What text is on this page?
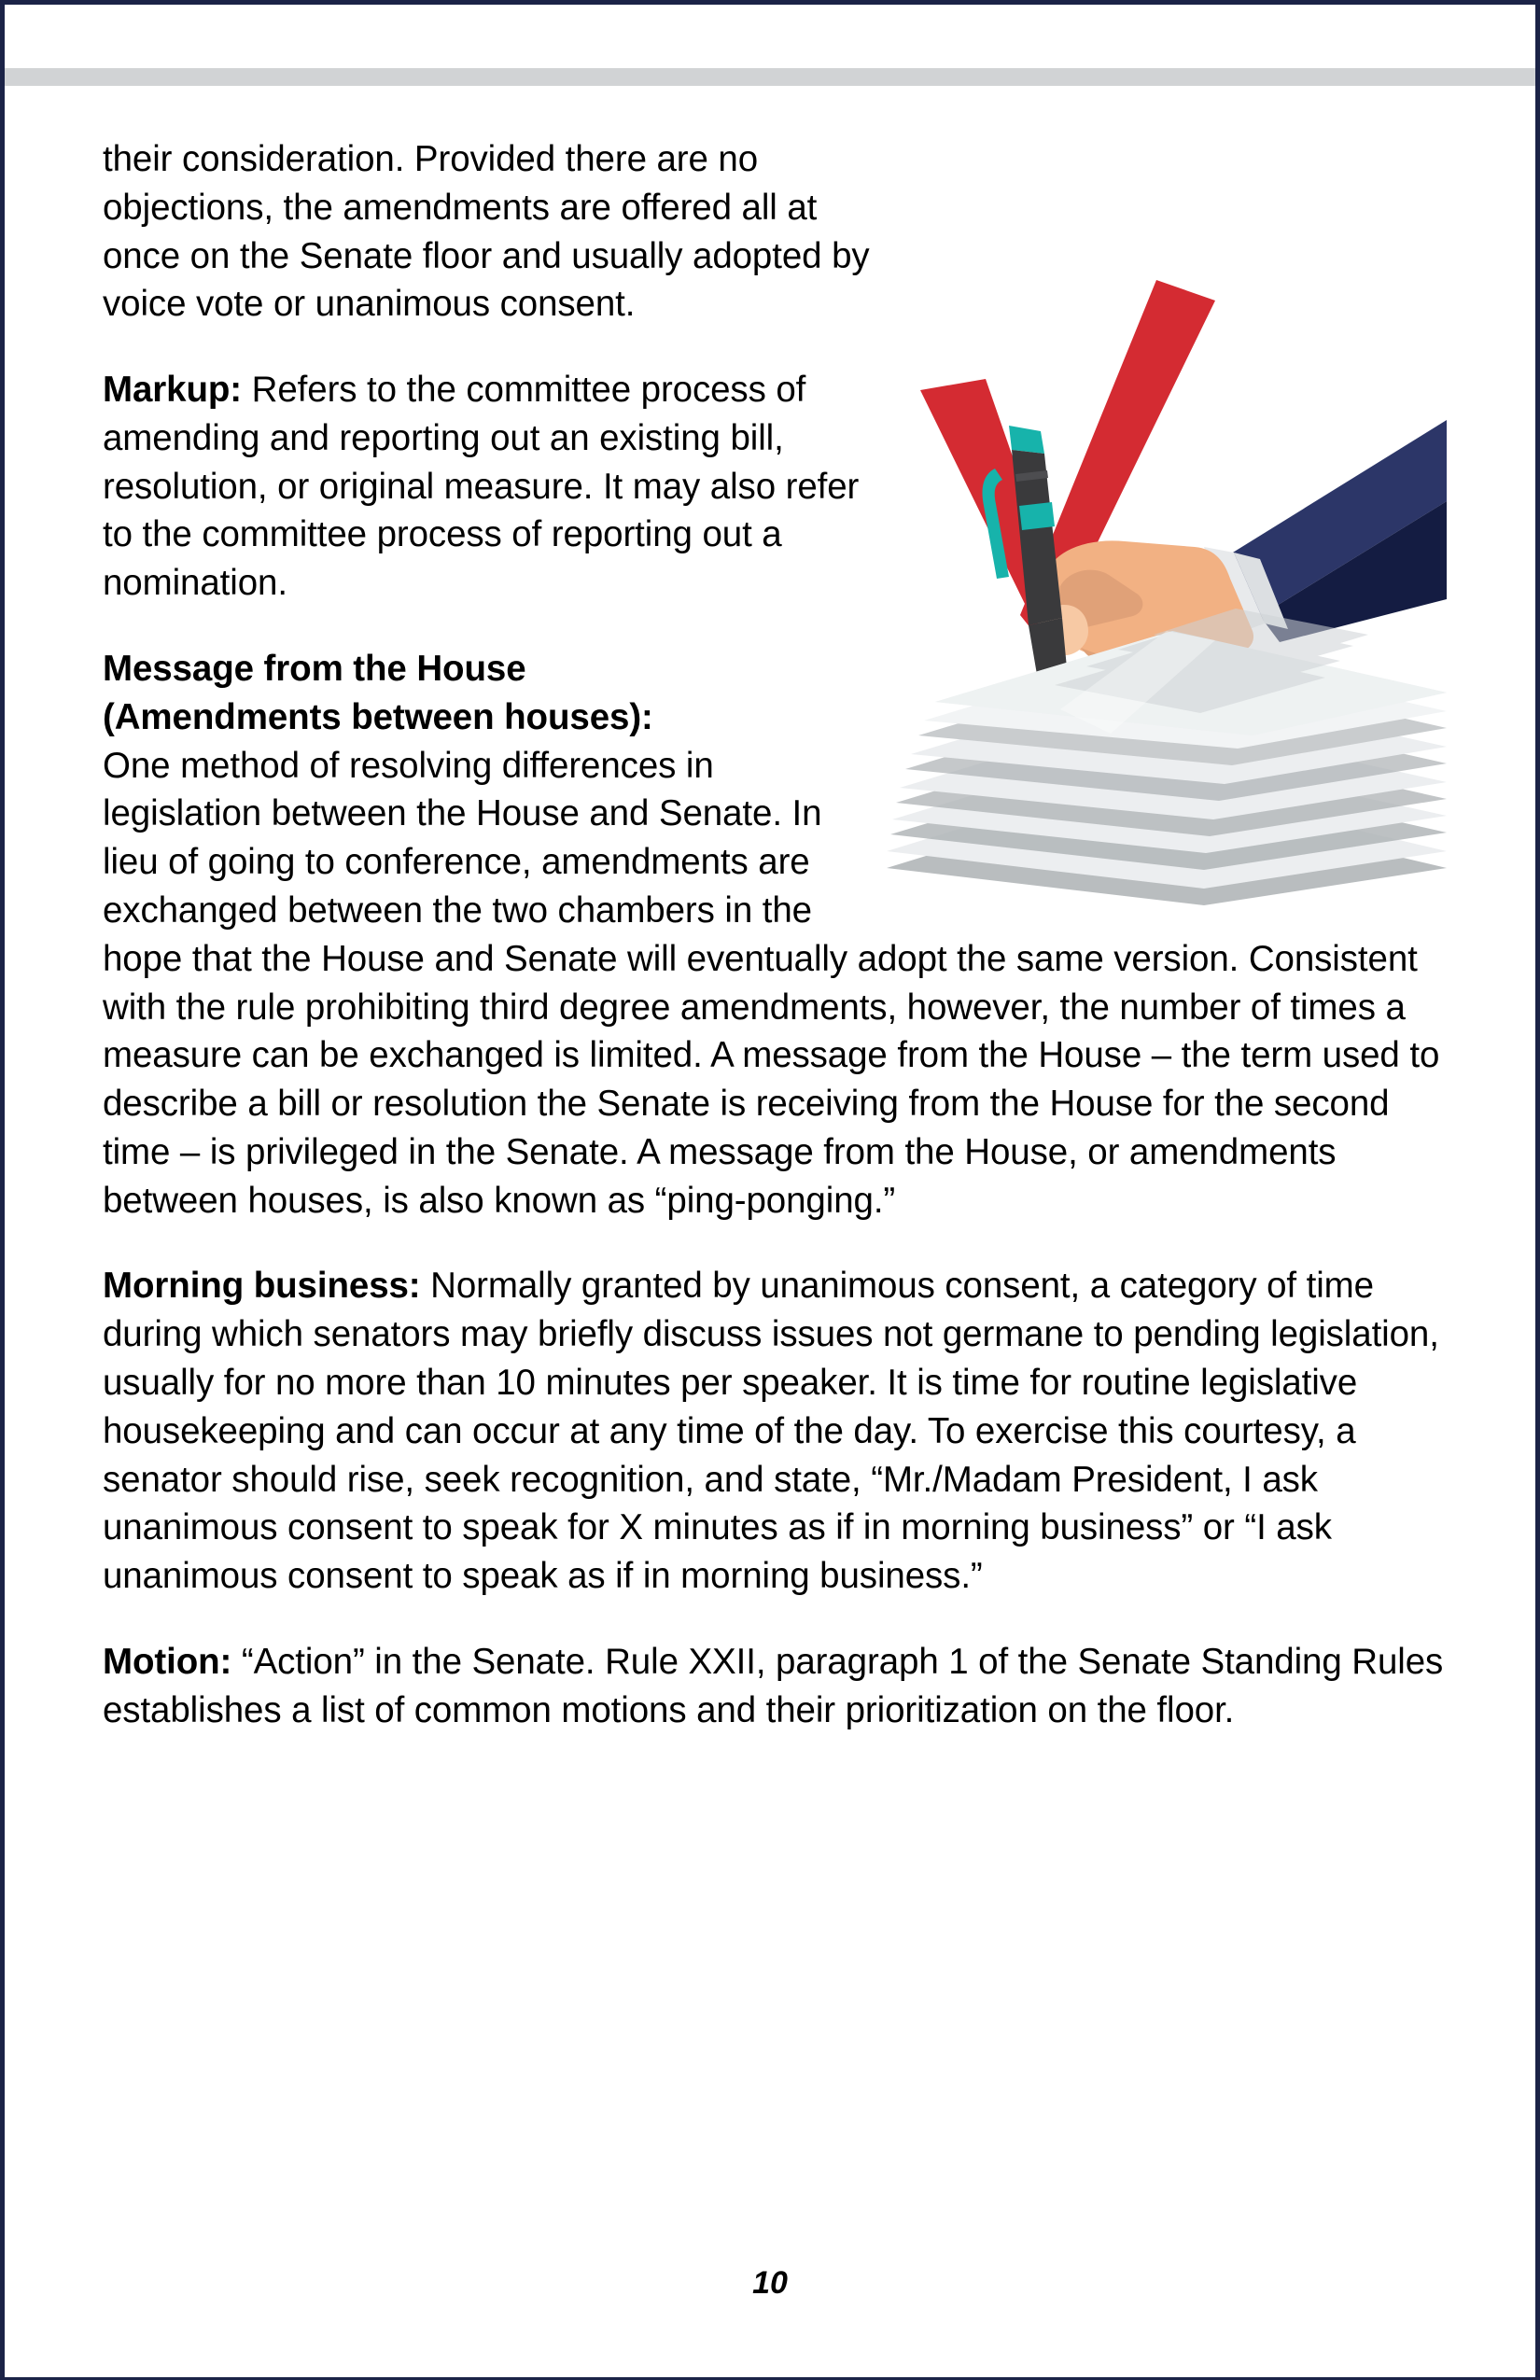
their consideration. Provided there are no objections, the amendments are offered all at once on the Senate floor and usually adopted by voice vote or unanimous consent.

Markup: Refers to the committee process of amending and reporting out an existing bill, resolution, or original measure. It may also refer to the committee process of reporting out a nomination.

Message from the House
(Amendments between houses):
One method of resolving differences in legislation between the House and Senate. In lieu of going to conference, amendments are exchanged between the two chambers in the hope that the House and Senate will eventually adopt the same version. Consistent with the rule prohibiting third degree amendments, however, the number of times a measure can be exchanged is limited. A message from the House – the term used to describe a bill or resolution the Senate is receiving from the House for the second time – is privileged in the Senate. A message from the House, or amendments between houses, is also known as “ping-ponging.”

Morning business: Normally granted by unanimous consent, a category of time during which senators may briefly discuss issues not germane to pending legislation, usually for no more than 10 minutes per speaker. It is time for routine legislative housekeeping and can occur at any time of the day. To exercise this courtesy, a senator should rise, seek recognition, and state, “Mr./Madam President, I ask unanimous consent to speak for X minutes as if in morning business” or “I ask unanimous consent to speak as if in morning business.”

Motion: “Action” in the Senate. Rule XXII, paragraph 1 of the Senate Standing Rules establishes a list of common motions and their prioritization on the floor.

10
